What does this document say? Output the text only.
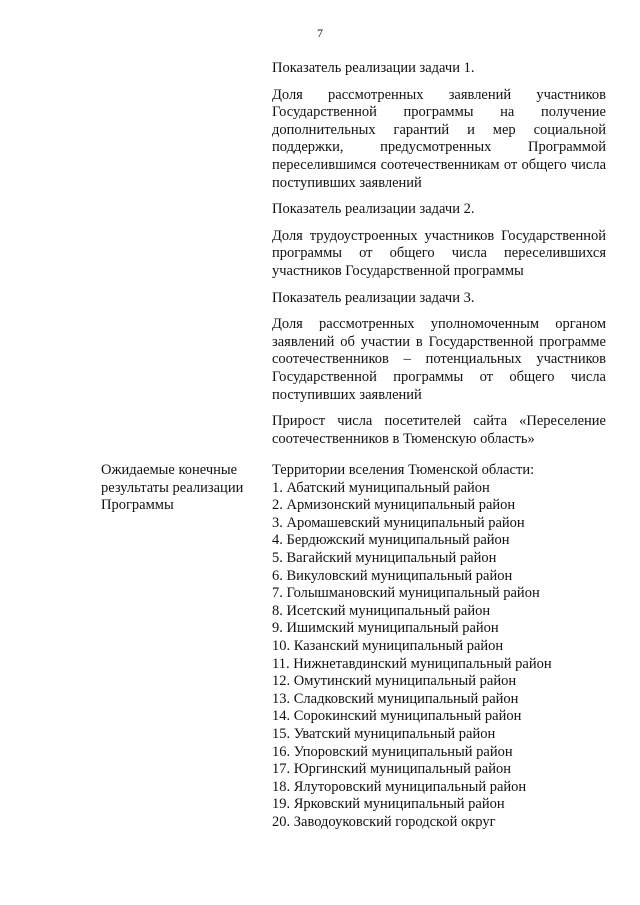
7

Показатель реализации задачи 1.

Доля рассмотренных заявлений участников Государственной программы на получение дополнительных гарантий и мер социальной поддержки, предусмотренных Программой переселившимся соотечественникам от общего числа поступивших заявлений

Показатель реализации задачи 2.

Доля трудоустроенных участников Государственной программы от общего числа переселившихся участников Государственной программы

Показатель реализации задачи 3.

Доля рассмотренных уполномоченным органом заявлений об участии в Государственной программе соотечественников – потенциальных участников Государственной программы от общего числа поступивших заявлений

Прирост числа посетителей сайта «Переселение соотечественников в Тюменскую область»

Ожидаемые конечные результаты реализации Программы

Территории вселения Тюменской области:

1. Абатский муниципальный район
2. Армизонский муниципальный район
3. Аромашевский муниципальный район
4. Бердюжский муниципальный район
5. Вагайский муниципальный район
6. Викуловский муниципальный район
7. Голышмановский муниципальный район
8. Исетский муниципальный район
9. Ишимский муниципальный район
10. Казанский муниципальный район
11. Нижнетавдинский муниципальный район
12. Омутинский муниципальный район
13. Сладковский муниципальный район
14. Сорокинский муниципальный район
15. Уватский муниципальный район
16. Упоровский муниципальный район
17. Юргинский муниципальный район
18. Ялуторовский муниципальный район
19. Ярковский муниципальный район
20. Заводоуковский городской округ
